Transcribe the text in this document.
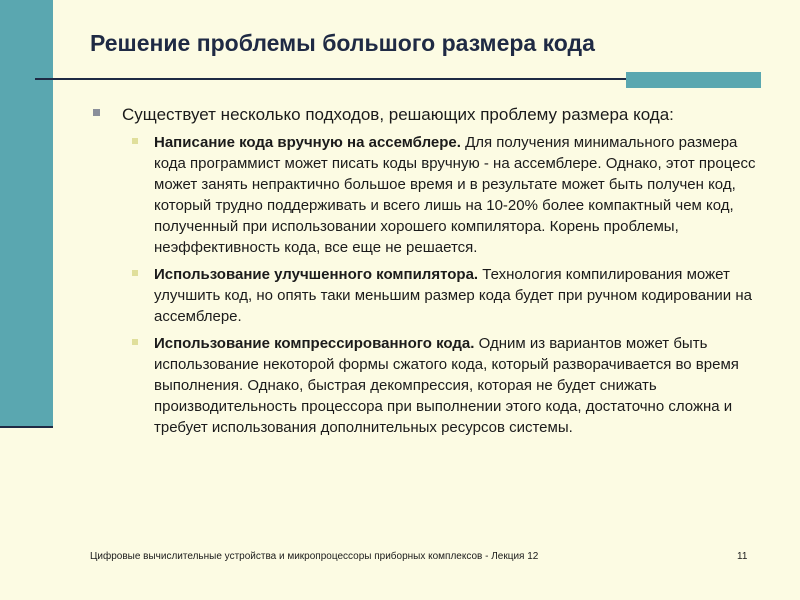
Решение проблемы большого размера кода

Существует несколько подходов, решающих проблему размера кода:

Написание кода вручную на ассемблере. Для получения минимального размера кода программист может писать коды вручную - на ассемблере. Однако, этот процесс может занять непрактично большое время и в результате может быть получен код, который трудно поддерживать и всего лишь на 10-20% более компактный чем код, полученный при использовании хорошего компилятора. Корень проблемы, неэффективность кода, все еще не решается.

Использование улучшенного компилятора. Технология компилирования может улучшить код, но опять таки меньшим размер кода будет при ручном кодировании на ассемблере.

Использование компрессированного кода. Одним из вариантов может быть использование некоторой формы сжатого кода, который разворачивается во время выполнения. Однако, быстрая декомпрессия, которая не будет снижать производительность процессора при выполнении этого кода, достаточно сложна и требует использования дополнительных ресурсов системы.

Цифровые вычислительные устройства и микропроцессоры приборных комплексов - Лекция 12	11
